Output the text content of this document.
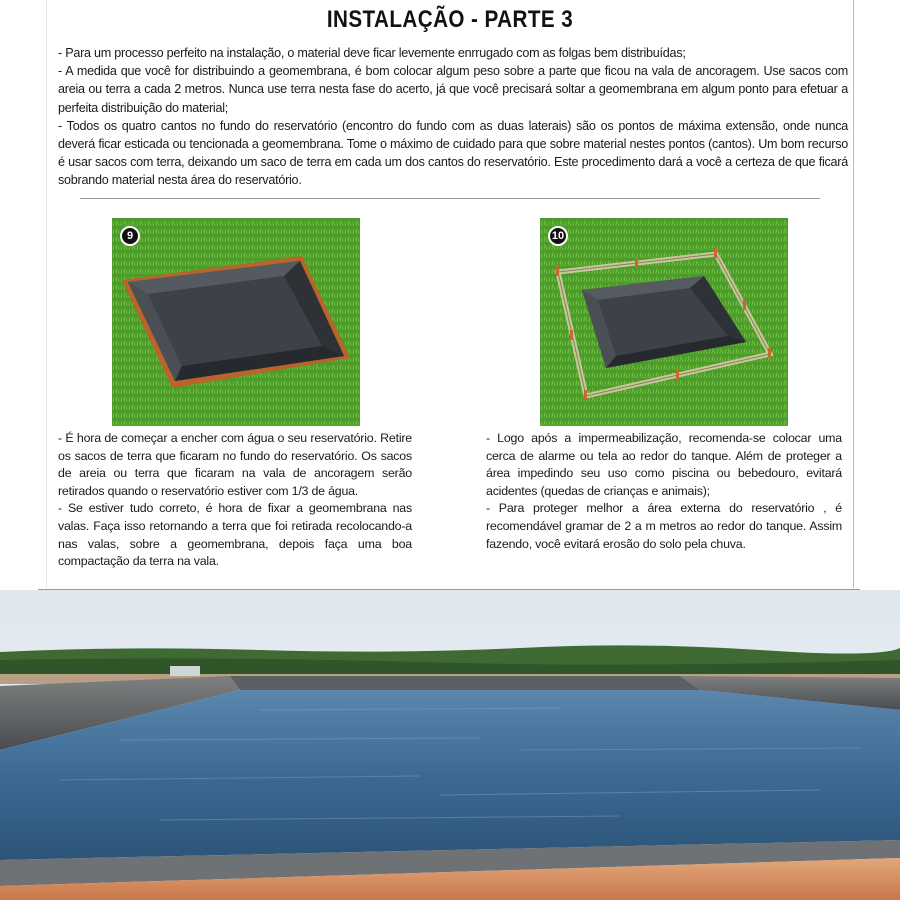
INSTALAÇÃO - PARTE 3

- Para um processo perfeito na instalação, o material deve ficar levemente enrrugado com as folgas bem distribuídas;

- A medida que você for distribuindo a geomembrana, é bom colocar algum peso sobre a parte que ficou na vala de ancoragem. Use sacos com areia ou terra a cada 2 metros. Nunca use terra nesta fase do acerto, já que você precisará soltar a geomembrana em algum ponto para efetuar a perfeita distribuição do material;

- Todos os quatro cantos no fundo do reservatório (encontro do fundo com as duas laterais) são os pontos de máxima extensão, onde nunca deverá ficar esticada ou tencionada a geomembrana. Tome o máximo de cuidado para que sobre material nestes pontos (cantos). Um bom recurso é usar sacos com terra, deixando um saco de terra em cada um dos cantos do reservatório. Este procedimento dará a você a certeza de que ficará sobrando material nesta área do reservatório.

9	10

- É hora de começar a encher com água o seu reservatório. Retire os sacos de terra que ficaram no fundo do reservatório. Os sacos de areia ou terra que ficaram na vala de ancoragem serão retirados quando o reservatório estiver com 1/3 de água.

- Se estiver tudo correto, é hora de fixar a geomembrana nas valas. Faça isso retornando a terra que foi retirada recolocando-a nas valas, sobre a geomembrana, depois faça uma boa compactação da terra na vala.

- Logo após a impermeabilização, recomenda-se colocar uma cerca de alarme ou tela ao redor do tanque. Além de proteger a área impedindo seu uso como piscina ou bebedouro, evitará acidentes (quedas de crianças e animais);

- Para proteger melhor a área externa do reservatório , é recomendável gramar de 2 a m metros ao redor do tanque. Assim fazendo, você evitará erosão do solo pela chuva.
